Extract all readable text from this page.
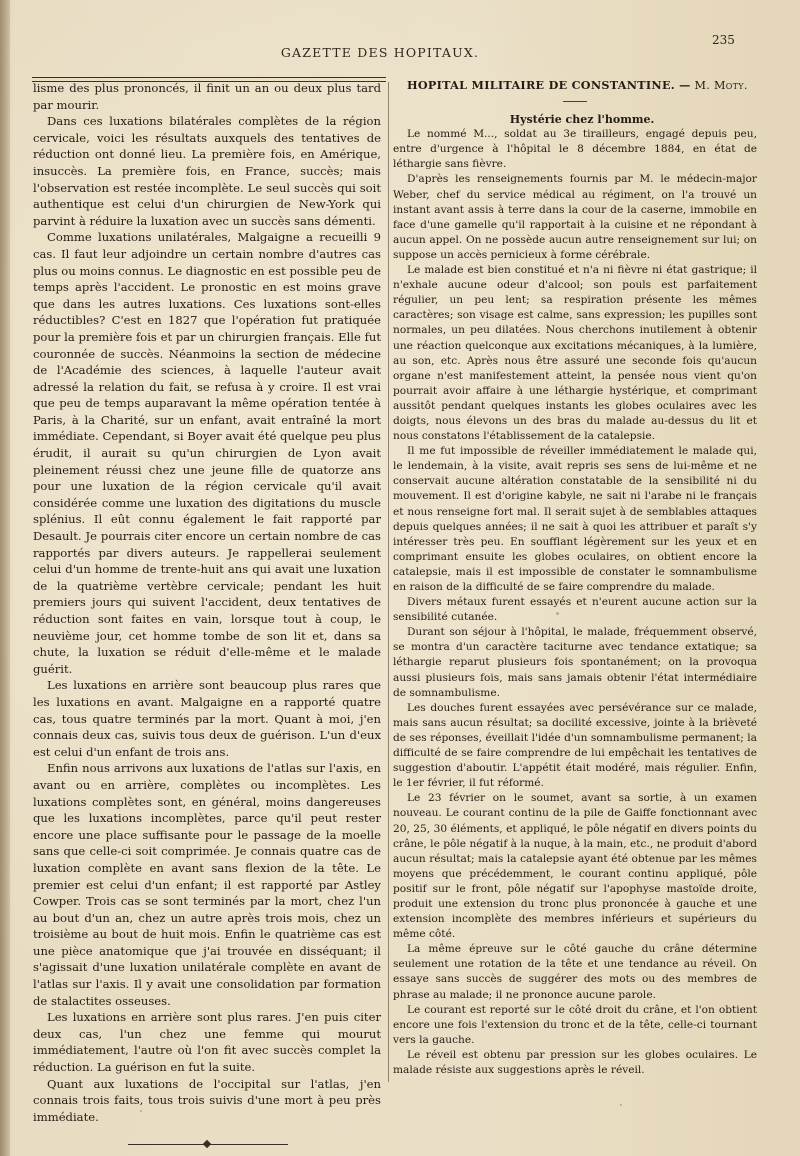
GAZETTE DES HOPITAUX.
235

lisme des plus prononcés, il finit un an ou deux plus tard par mourir.

Dans ces luxations bilatérales complètes de la région cervicale, voici les résultats auxquels des tentatives de réduction ont donné lieu. La première fois, en Amérique, insuccès. La première fois, en France, succès; mais l'observation est restée incomplète. Le seul succès qui soit authentique est celui d'un chirurgien de New-York qui parvint à réduire la luxation avec un succès sans démenti.

Comme luxations unilatérales, Malgaigne a recueilli 9 cas. Il faut leur adjoindre un certain nombre d'autres cas plus ou moins connus. Le diagnostic en est possible peu de temps après l'accident. Le pronostic en est moins grave que dans les autres luxations. Ces luxations sont-elles réductibles? C'est en 1827 que l'opération fut pratiquée pour la première fois et par un chirurgien français. Elle fut couronnée de succès. Néanmoins la section de médecine de l'Académie des sciences, à laquelle l'auteur avait adressé la relation du fait, se refusa à y croire. Il est vrai que peu de temps auparavant la même opération tentée à Paris, à la Charité, sur un enfant, avait entraîné la mort immédiate. Cependant, si Boyer avait été quelque peu plus érudit, il aurait su qu'un chirurgien de Lyon avait pleinement réussi chez une jeune fille de quatorze ans pour une luxation de la région cervicale qu'il avait considérée comme une luxation des digitations du muscle splénius. Il eût connu également le fait rapporté par Desault. Je pourrais citer encore un certain nombre de cas rapportés par divers auteurs. Je rappellerai seulement celui d'un homme de trente-huit ans qui avait une luxation de la quatrième vertèbre cervicale; pendant les huit premiers jours qui suivent l'accident, deux tentatives de réduction sont faites en vain, lorsque tout à coup, le neuvième jour, cet homme tombe de son lit et, dans sa chute, la luxation se réduit d'elle-même et le malade guérit.

Les luxations en arrière sont beaucoup plus rares que les luxations en avant. Malgaigne en a rapporté quatre cas, tous quatre terminés par la mort. Quant à moi, j'en connais deux cas, suivis tous deux de guérison. L'un d'eux est celui d'un enfant de trois ans.

Enfin nous arrivons aux luxations de l'atlas sur l'axis, en avant ou en arrière, complètes ou incomplètes. Les luxations complètes sont, en général, moins dangereuses que les luxations incomplètes, parce qu'il peut rester encore une place suffisante pour le passage de la moelle sans que celle-ci soit comprimée. Je connais quatre cas de luxation complète en avant sans flexion de la tête. Le premier est celui d'un enfant; il est rapporté par Astley Cowper. Trois cas se sont terminés par la mort, chez l'un au bout d'un an, chez un autre après trois mois, chez un troisième au bout de huit mois. Enfin le quatrième cas est une pièce anatomique que j'ai trouvée en disséquant; il s'agissait d'une luxation unilatérale complète en avant de l'atlas sur l'axis. Il y avait une consolidation par formation de stalactites osseuses.

Les luxations en arrière sont plus rares. J'en puis citer deux cas, l'un chez une femme qui mourut immédiatement, l'autre où l'on fit avec succès complet la réduction. La guérison en fut la suite.

Quant aux luxations de l'occipital sur l'atlas, j'en connais trois faits, tous trois suivis d'une mort à peu près immédiate.

HOPITAL MILITAIRE DE CONSTANTINE. — M. Moty.

Hystérie chez l'homme.

Le nommé M..., soldat au 3e tirailleurs, engagé depuis peu, entre d'urgence à l'hôpital le 8 décembre 1884, en état de léthargie sans fièvre.

D'après les renseignements fournis par M. le médecin-major Weber, chef du service médical au régiment, on l'a trouvé un instant avant assis à terre dans la cour de la caserne, immobile en face d'une gamelle qu'il rapportait à la cuisine et ne répondant à aucun appel. On ne possède aucun autre renseignement sur lui; on suppose un accès pernicieux à forme cérébrale.

Le malade est bien constitué et n'a ni fièvre ni état gastrique; il n'exhale aucune odeur d'alcool; son pouls est parfaitement régulier, un peu lent; sa respiration présente les mêmes caractères; son visage est calme, sans expression; les pupilles sont normales, un peu dilatées. Nous cherchons inutilement à obtenir une réaction quelconque aux excitations mécaniques, à la lumière, au son, etc. Après nous être assuré une seconde fois qu'aucun organe n'est manifestement atteint, la pensée nous vient qu'on pourrait avoir affaire à une léthargie hystérique, et comprimant aussitôt pendant quelques instants les globes oculaires avec les doigts, nous élevons un des bras du malade au-dessus du lit et nous constatons l'établissement de la catalepsie.

Il me fut impossible de réveiller immédiatement le malade qui, le lendemain, à la visite, avait repris ses sens de lui-même et ne conservait aucune altération constatable de la sensibilité ni du mouvement. Il est d'origine kabyle, ne sait ni l'arabe ni le français et nous renseigne fort mal. Il serait sujet à de semblables attaques depuis quelques années; il ne sait à quoi les attribuer et paraît s'y intéresser très peu. En soufflant légèrement sur les yeux et en comprimant ensuite les globes oculaires, on obtient encore la catalepsie, mais il est impossible de constater le somnambulisme en raison de la difficulté de se faire comprendre du malade.

Divers métaux furent essayés et n'eurent aucune action sur la sensibilité cutanée.

Durant son séjour à l'hôpital, le malade, fréquemment observé, se montra d'un caractère taciturne avec tendance extatique; sa léthargie reparut plusieurs fois spontanément; on la provoqua aussi plusieurs fois, mais sans jamais obtenir l'état intermédiaire de somnambulisme.

Les douches furent essayées avec persévérance sur ce malade, mais sans aucun résultat; sa docilité excessive, jointe à la brièveté de ses réponses, éveillait l'idée d'un somnambulisme permanent; la difficulté de se faire comprendre de lui empêchait les tentatives de suggestion d'aboutir. L'appétit était modéré, mais régulier. Enfin, le 1er février, il fut réformé.

Le 23 février on le soumet, avant sa sortie, à un examen nouveau. Le courant continu de la pile de Gaiffe fonctionnant avec 20, 25, 30 éléments, et appliqué, le pôle négatif en divers points du crâne, le pôle négatif à la nuque, à la main, etc., ne produit d'abord aucun résultat; mais la catalepsie ayant été obtenue par les mêmes moyens que précédemment, le courant continu appliqué, pôle positif sur le front, pôle négatif sur l'apophyse mastoïde droite, produit une extension du tronc plus prononcée à gauche et une extension incomplète des membres inférieurs et supérieurs du même côté.

La même épreuve sur le côté gauche du crâne détermine seulement une rotation de la tête et une tendance au réveil. On essaye sans succès de suggérer des mots ou des membres de phrase au malade; il ne prononce aucune parole.

Le courant est reporté sur le côté droit du crâne, et l'on obtient encore une fois l'extension du tronc et de la tête, celle-ci tournant vers la gauche.

Le réveil est obtenu par pression sur les globes oculaires. Le malade résiste aux suggestions après le réveil.
